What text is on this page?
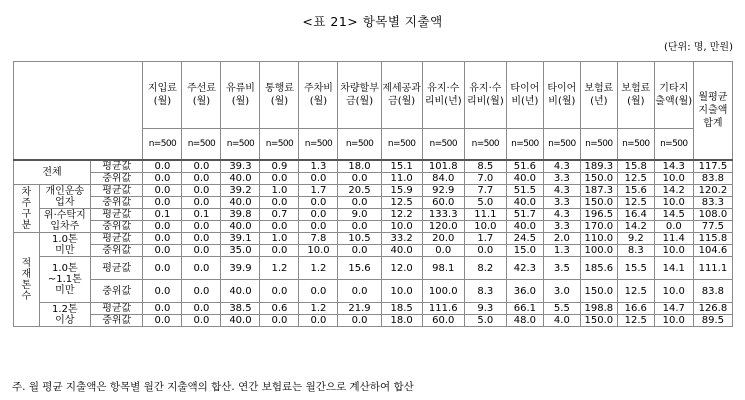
<표 21> 항목별 지출액
(단위: 명, 만원)
			지입료(월)	주선료(월)	유류비(월)	통행료(월)	주차비(월)	차량할부금(월)	제세공과금(월)	유지·수리비(년)	유지·수리비(월)	타이어비(년)	타이어비(월)	보험료(년)	보험료(월)	기타지출액(월)	월평균지출액합계
			n=500	n=500	n=500	n=500	n=500	n=500	n=500	n=500	n=500	n=500	n=500	n=500	n=500	n=500	
전체		평균값	0.0	0.0	39.3	0.9	1.3	18.0	15.1	101.8	8.5	51.6	4.3	189.3	15.8	14.3	117.5
		중위값	0.0	0.0	40.0	0.0	0.0	0.0	11.0	84.0	7.0	40.0	3.3	150.0	12.5	10.0	83.8
차주구분	개인운송업자	평균값	0.0	0.0	39.2	1.0	1.7	20.5	15.9	92.9	7.7	51.5	4.3	187.3	15.6	14.2	120.2
		중위값	0.0	0.0	40.0	0.0	0.0	0.0	12.5	60.0	5.0	40.0	3.3	150.0	12.5	10.0	83.3
	위·수탁지입차주	평균값	0.1	0.1	39.8	0.7	0.0	9.0	12.2	133.3	11.1	51.7	4.3	196.5	16.4	14.5	108.0
		중위값	0.0	0.0	40.0	0.0	0.0	0.0	10.0	120.0	10.0	40.0	3.3	170.0	14.2	0.0	77.5
적재톤수	1.0톤미만	평균값	0.0	0.0	39.1	1.0	7.8	10.5	33.2	20.0	1.7	24.5	2.0	110.0	9.2	11.4	115.8
		중위값	0.0	0.0	35.0	0.0	10.0	0.0	40.0	0.0	0.0	15.0	1.3	100.0	8.3	10.0	104.6
	1.0톤~1.1톤미만	평균값	0.0	0.0	39.9	1.2	1.2	15.6	12.0	98.1	8.2	42.3	3.5	185.6	15.5	14.1	111.1
		중위값	0.0	0.0	40.0	0.0	0.0	0.0	10.0	100.0	8.3	36.0	3.0	150.0	12.5	10.0	83.8
	1.2톤이상	평균값	0.0	0.0	38.5	0.6	1.2	21.9	18.5	111.6	9.3	66.1	5.5	198.8	16.6	14.7	126.8
		중위값	0.0	0.0	40.0	0.0	0.0	0.0	18.0	60.0	5.0	48.0	4.0	150.0	12.5	10.0	89.5
주. 월 평균 지출액은 항목별 월간 지출액의 합산. 연간 보험료는 월간으로 계산하여 합산
